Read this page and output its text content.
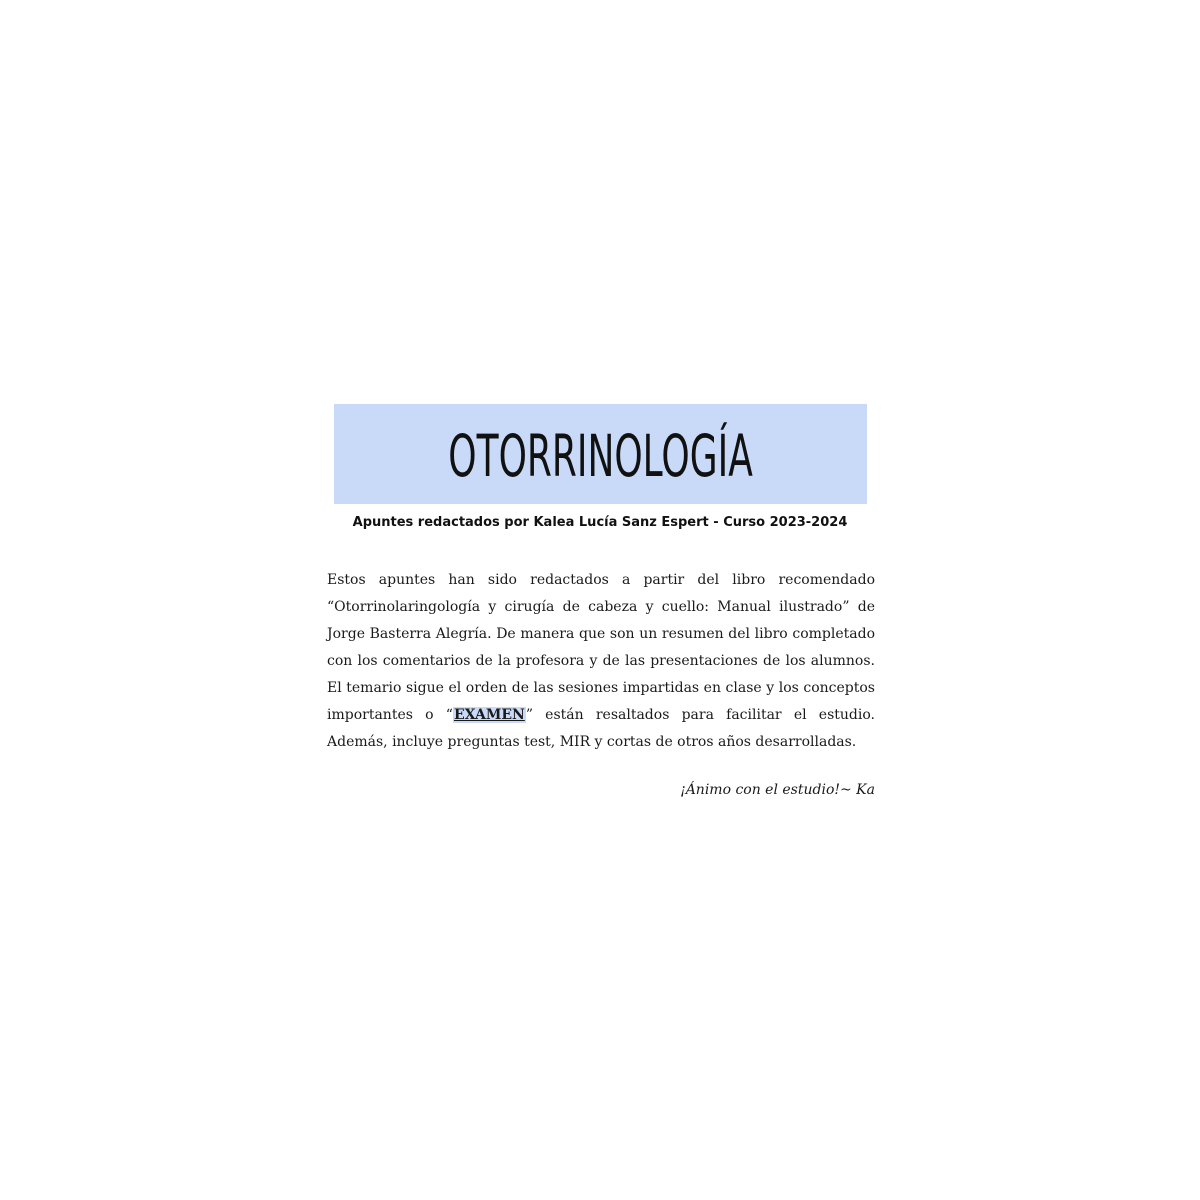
OTORRINOLOGÍA
Apuntes redactados por Kalea Lucía Sanz Espert - Curso 2023-2024

Estos apuntes han sido redactados a partir del libro recomendado “Otorrinolaringología y cirugía de cabeza y cuello: Manual ilustrado” de Jorge Basterra Alegría. De manera que son un resumen del libro completado con los comentarios de la profesora y de las presentaciones de los alumnos. El temario sigue el orden de las sesiones impartidas en clase y los conceptos importantes o “EXAMEN” están resaltados para facilitar el estudio. Además, incluye preguntas test, MIR y cortas de otros años desarrolladas.

¡Ánimo con el estudio!~ Ka
